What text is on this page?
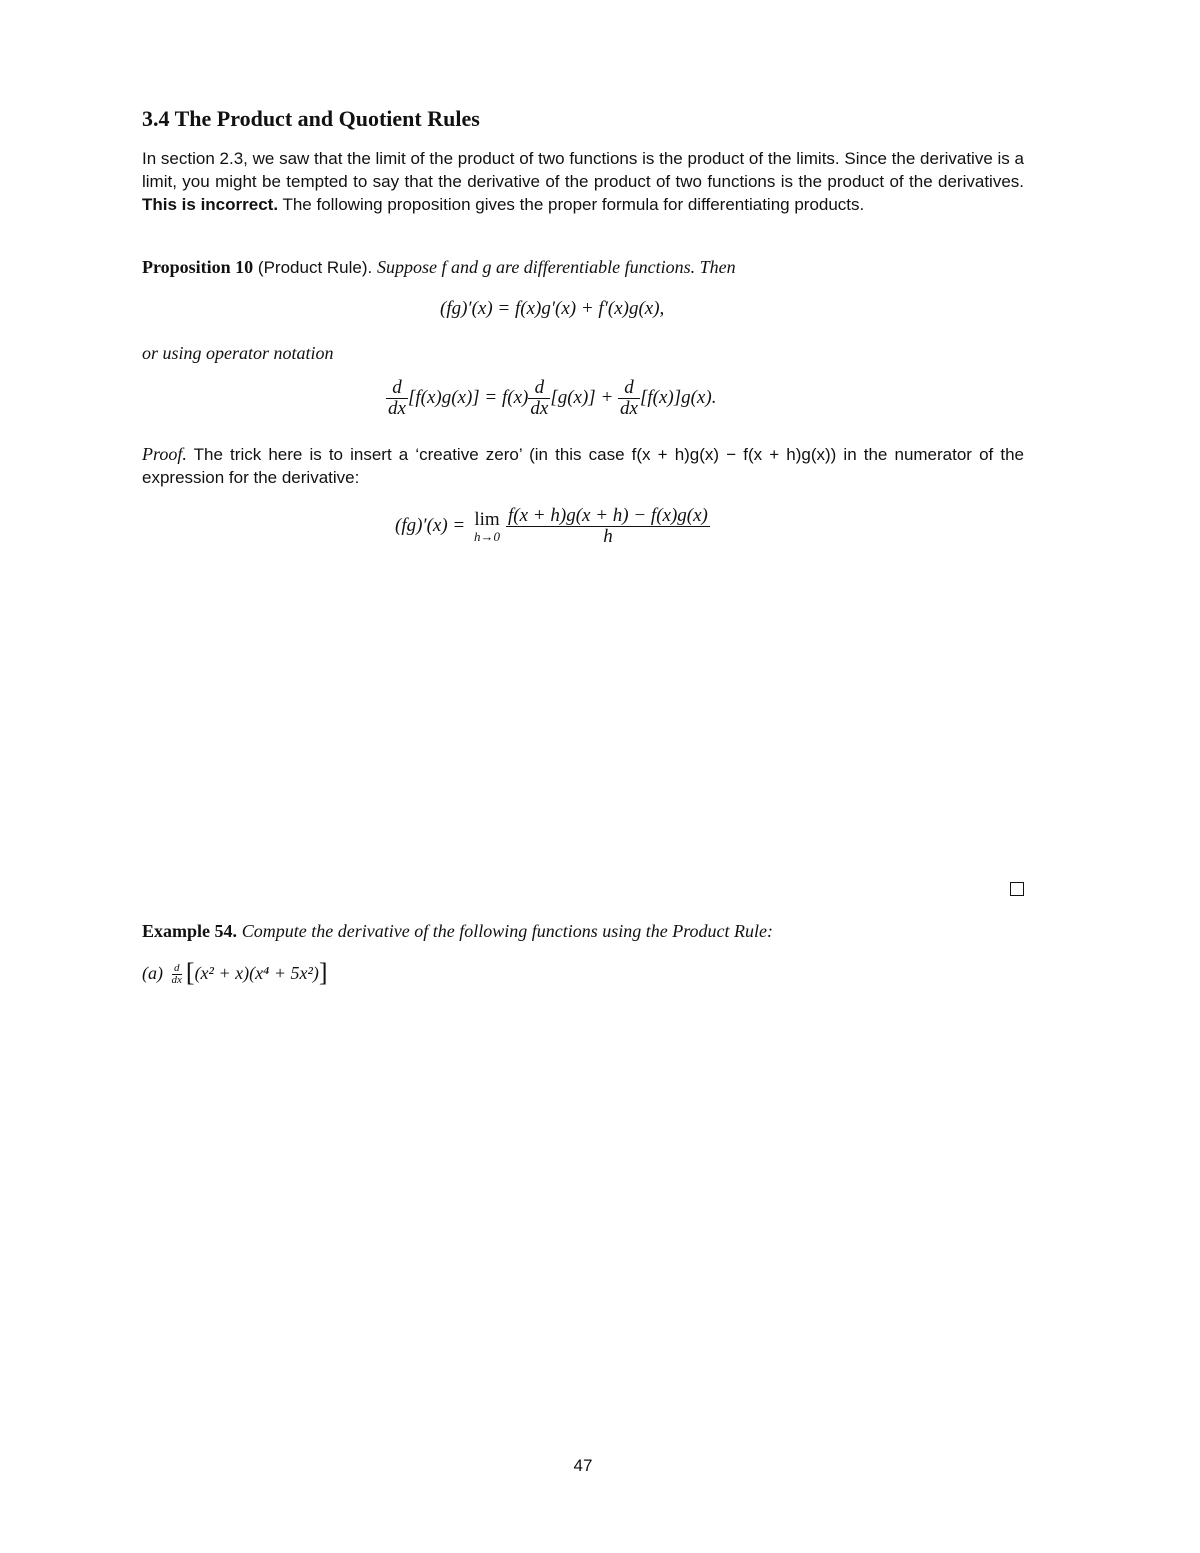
3.4 The Product and Quotient Rules

In section 2.3, we saw that the limit of the product of two functions is the product of the limits. Since the derivative is a limit, you might be tempted to say that the derivative of the product of two functions is the product of the derivatives. This is incorrect. The following proposition gives the proper formula for differentiating products.

Proposition 10 (Product Rule). Suppose f and g are differentiable functions. Then

(fg)′(x) = f(x)g′(x) + f′(x)g(x),

or using operator notation

$\frac{d}{dx} [f(x)g(x)] = f(x) \frac{d}{dx} [g(x)] + \frac{d}{dx} [f(x)]g(x)$.

Proof. The trick here is to insert a ‘creative zero’ (in this case f(x + h)g(x) − f(x + h)g(x)) in the numerator of the expression for the derivative:

(fg)′(x) = lim
$h\to 0 \frac{f(x + h)g(x + h) - f(x)g(x)}{h}$

Example 54. Compute the derivative of the following functions using the Product Rule:

$(a) \frac{d}{dx} [(x^2 + x)(x^4 + 5x^2)]$
47
